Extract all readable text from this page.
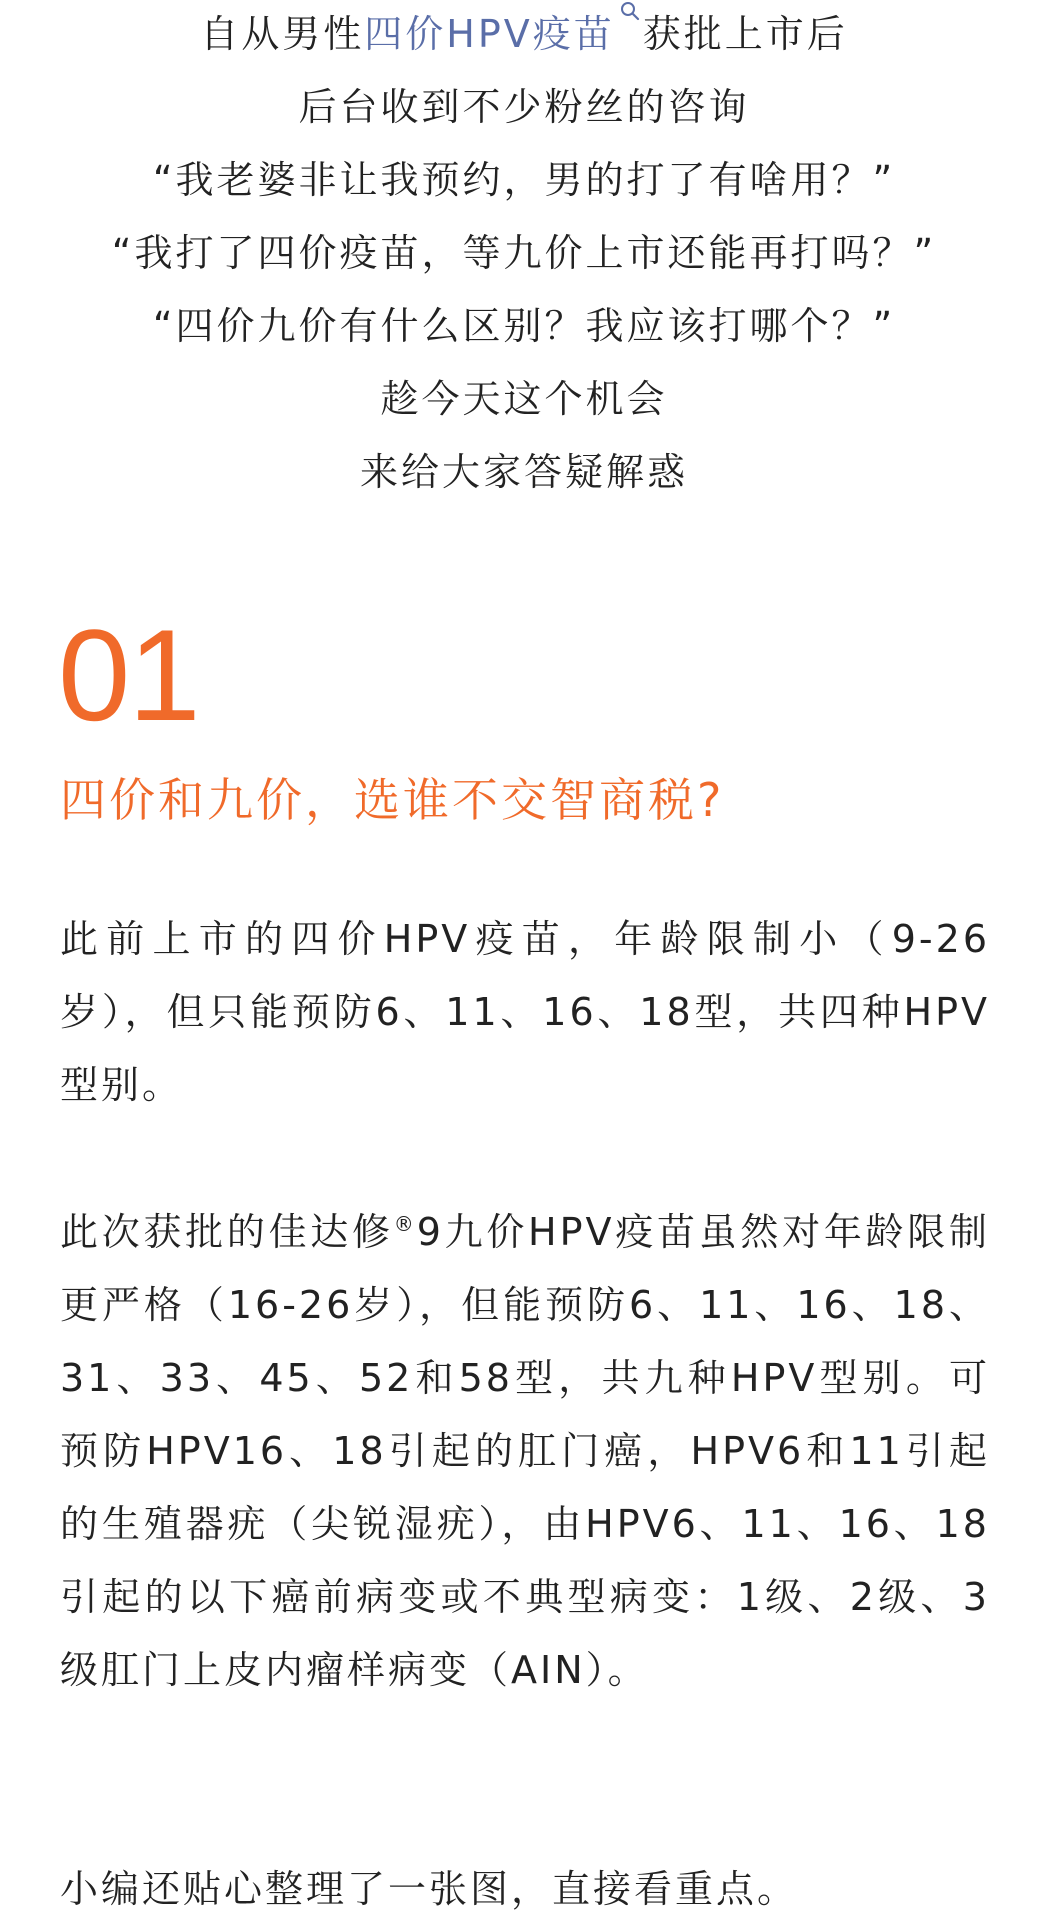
自从男性四价HPV疫苗 获批上市后
后台收到不少粉丝的咨询
“我老婆非让我预约，男的打了有啥用？”
“我打了四价疫苗，等九价上市还能再打吗？”
“四价九价有什么区别？我应该打哪个？”
趁今天这个机会
来给大家答疑解惑
01
四价和九价，选谁不交智商税?
此前上市的四价HPV疫苗，年龄限制小（9-26岁），但只能预防6、11、16、18型，共四种HPV型别。
此次获批的佳达修®9九价HPV疫苗虽然对年龄限制更严格（16-26岁），但能预防6、11、16、18、31、33、45、52和58型，共九种HPV型别。可预防HPV16、18引起的肛门癌，HPV6和11引起的生殖器疣（尖锐湿疣），由HPV6、11、16、18引起的以下癌前病变或不典型病变：1级、2级、3级肛门上皮内瘤样病变（AIN）。
小编还贴心整理了一张图，直接看重点。
